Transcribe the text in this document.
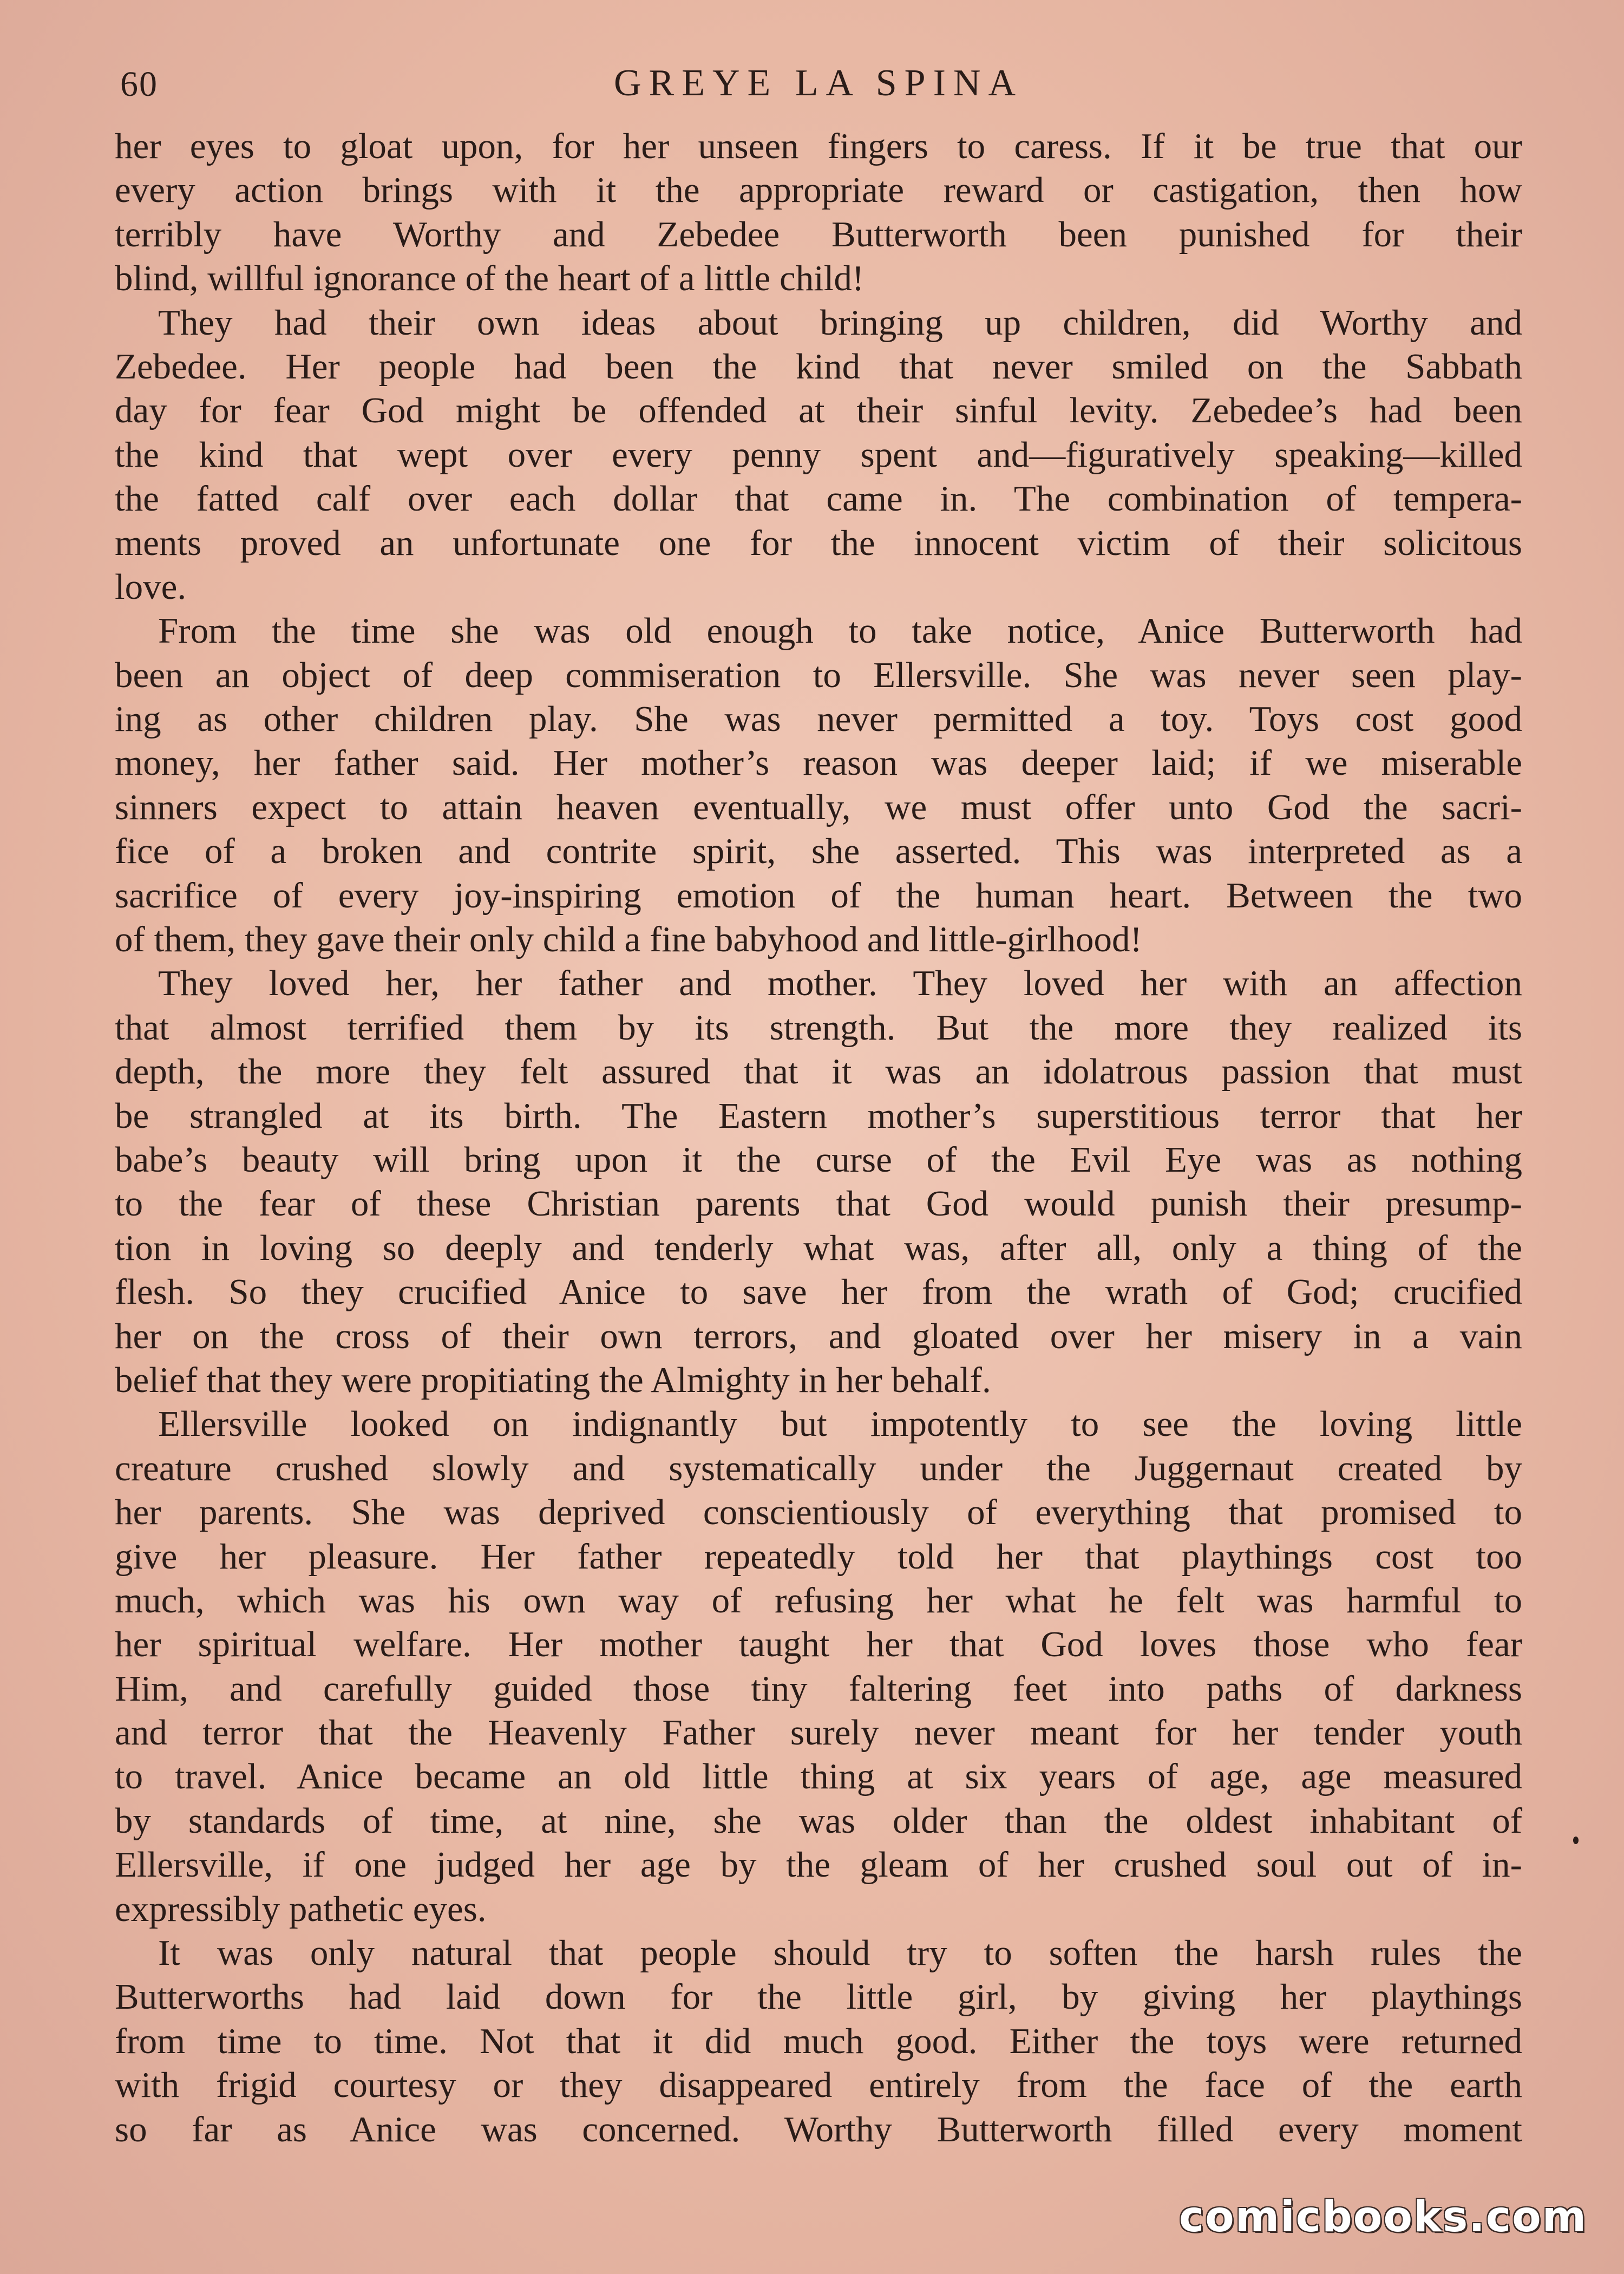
60	GREYE LA SPINA

her eyes to gloat upon, for her unseen fingers to caress. If it be true that our
every action brings with it the appropriate reward or castigation, then how
terribly have Worthy and Zebedee Butterworth been punished for their
blind, willful ignorance of the heart of a little child!

They had their own ideas about bringing up children, did Worthy and
Zebedee. Her people had been the kind that never smiled on the Sabbath
day for fear God might be offended at their sinful levity. Zebedee’s had been
the kind that wept over every penny spent and—figuratively speaking—killed
the fatted calf over each dollar that came in. The combination of tempera-
ments proved an unfortunate one for the innocent victim of their solicitous
love.

From the time she was old enough to take notice, Anice Butterworth had
been an object of deep commiseration to Ellersville. She was never seen play-
ing as other children play. She was never permitted a toy. Toys cost good
money, her father said. Her mother’s reason was deeper laid; if we miserable
sinners expect to attain heaven eventually, we must offer unto God the sacri-
fice of a broken and contrite spirit, she asserted. This was interpreted as a
sacrifice of every joy-inspiring emotion of the human heart. Between the two
of them, they gave their only child a fine babyhood and little-girlhood!

They loved her, her father and mother. They loved her with an affection
that almost terrified them by its strength. But the more they realized its
depth, the more they felt assured that it was an idolatrous passion that must
be strangled at its birth. The Eastern mother’s superstitious terror that her
babe’s beauty will bring upon it the curse of the Evil Eye was as nothing
to the fear of these Christian parents that God would punish their presump-
tion in loving so deeply and tenderly what was, after all, only a thing of the
flesh. So they crucified Anice to save her from the wrath of God; crucified
her on the cross of their own terrors, and gloated over her misery in a vain
belief that they were propitiating the Almighty in her behalf.

Ellersville looked on indignantly but impotently to see the loving little
creature crushed slowly and systematically under the Juggernaut created by
her parents. She was deprived conscientiously of everything that promised to
give her pleasure. Her father repeatedly told her that playthings cost too
much, which was his own way of refusing her what he felt was harmful to
her spiritual welfare. Her mother taught her that God loves those who fear
Him, and carefully guided those tiny faltering feet into paths of darkness
and terror that the Heavenly Father surely never meant for her tender youth
to travel. Anice became an old little thing at six years of age, age measured
by standards of time, at nine, she was older than the oldest inhabitant of
Ellersville, if one judged her age by the gleam of her crushed soul out of in-
expressibly pathetic eyes.

It was only natural that people should try to soften the harsh rules the
Butterworths had laid down for the little girl, by giving her playthings
from time to time. Not that it did much good. Either the toys were returned
with frigid courtesy or they disappeared entirely from the face of the earth
so far as Anice was concerned. Worthy Butterworth filled every moment

comicbooks.com
